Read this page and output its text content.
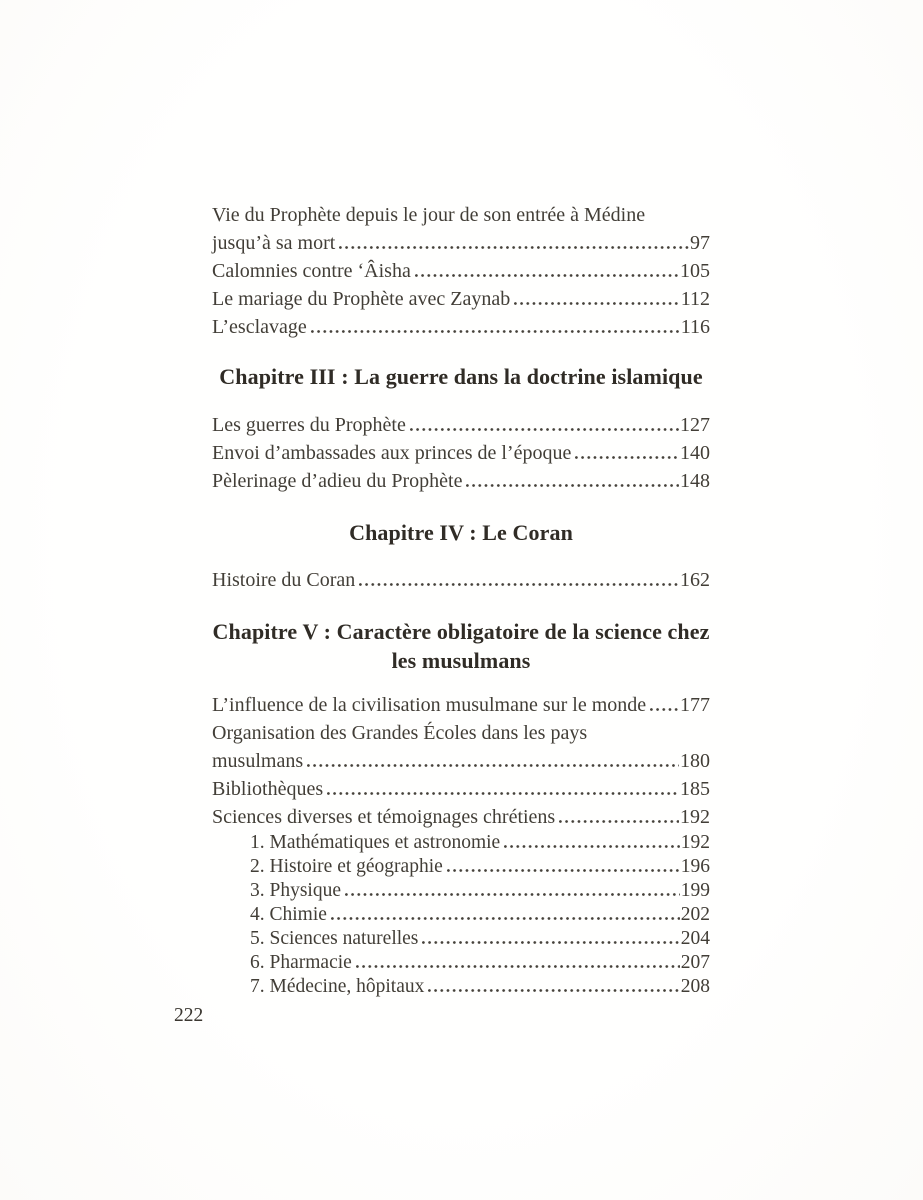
Vie du Prophète depuis le jour de son entrée à Médine
jusqu’à sa mort	97
Calomnies contre ‘Âisha	105
Le mariage du Prophète avec Zaynab	112
L’esclavage	116
Chapitre III : La guerre dans la doctrine islamique
Les guerres du Prophète	127
Envoi d’ambassades aux princes de l’époque	140
Pèlerinage d’adieu du Prophète	148
Chapitre IV : Le Coran
Histoire du Coran	162
Chapitre V : Caractère obligatoire de la science chez
les musulmans
L’influence de la civilisation musulmane sur le monde 177
Organisation des Grandes Écoles dans les pays
musulmans	180
Bibliothèques	185
Sciences diverses et témoignages chrétiens	192
1. Mathématiques et astronomie	192
2. Histoire et géographie	196
3. Physique	199
4. Chimie	202
5. Sciences naturelles	204
6. Pharmacie	207
7. Médecine, hôpitaux	208
222
